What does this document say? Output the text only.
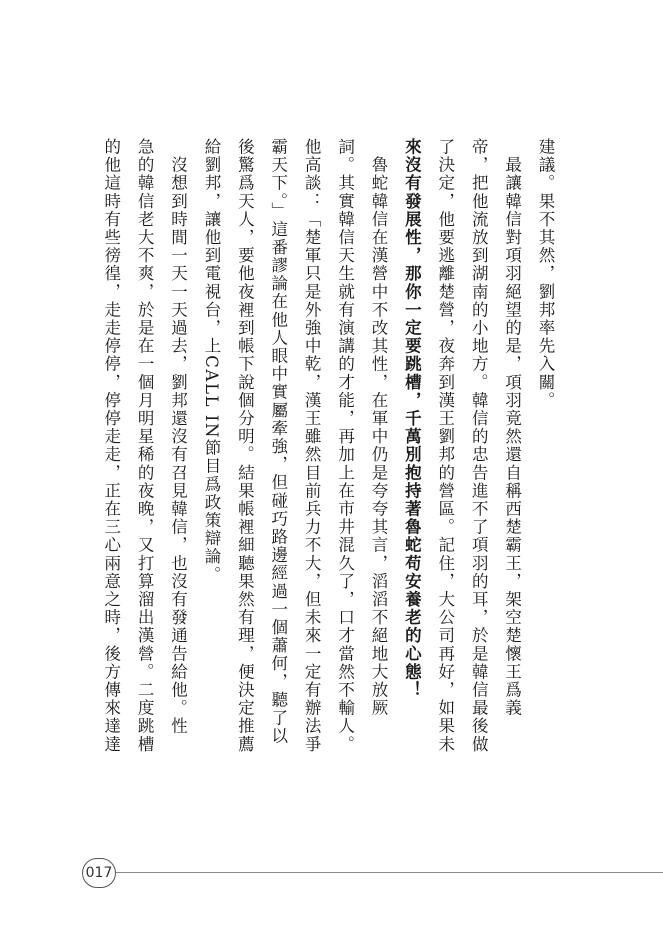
建議。果不其然，劉邦率先入關。
　最讓韓信對項羽絕望的是，項羽竟然還自稱西楚霸王，架空楚懷王爲義
帝，把他流放到湖南的小地方。韓信的忠告進不了項羽的耳，於是韓信最後做
了決定，他要逃離楚營，夜奔到漢王劉邦的營區。記住，大公司再好，如果未
來沒有發展性，那你一定要跳槽，千萬別抱持著魯蛇苟安養老的心態！
　魯蛇韓信在漢營中不改其性，在軍中仍是夸夸其言，滔滔不絕地大放厥
詞。其實韓信天生就有演講的才能，再加上在市井混久了，口才當然不輸人。
他高談：「楚軍只是外強中乾，漢王雖然目前兵力不大，但未來一定有辦法爭
霸天下。」這番謬論在他人眼中實屬牽強，但碰巧路邊經過一個蕭何，聽了以
後驚爲天人，要他夜裡到帳下說個分明。結果帳裡細聽果然有理，便決定推薦
給劉邦，讓他到電視台，上CALL IN節目爲政策辯論。
　沒想到時間一天一天過去，劉邦還沒有召見韓信，也沒有發通告給他。性
急的韓信老大不爽，於是在一個月明星稀的夜晚，又打算溜出漢營。二度跳槽
的他這時有些徬徨，走走停停，停停走走，正在三心兩意之時，後方傳來達達
017
